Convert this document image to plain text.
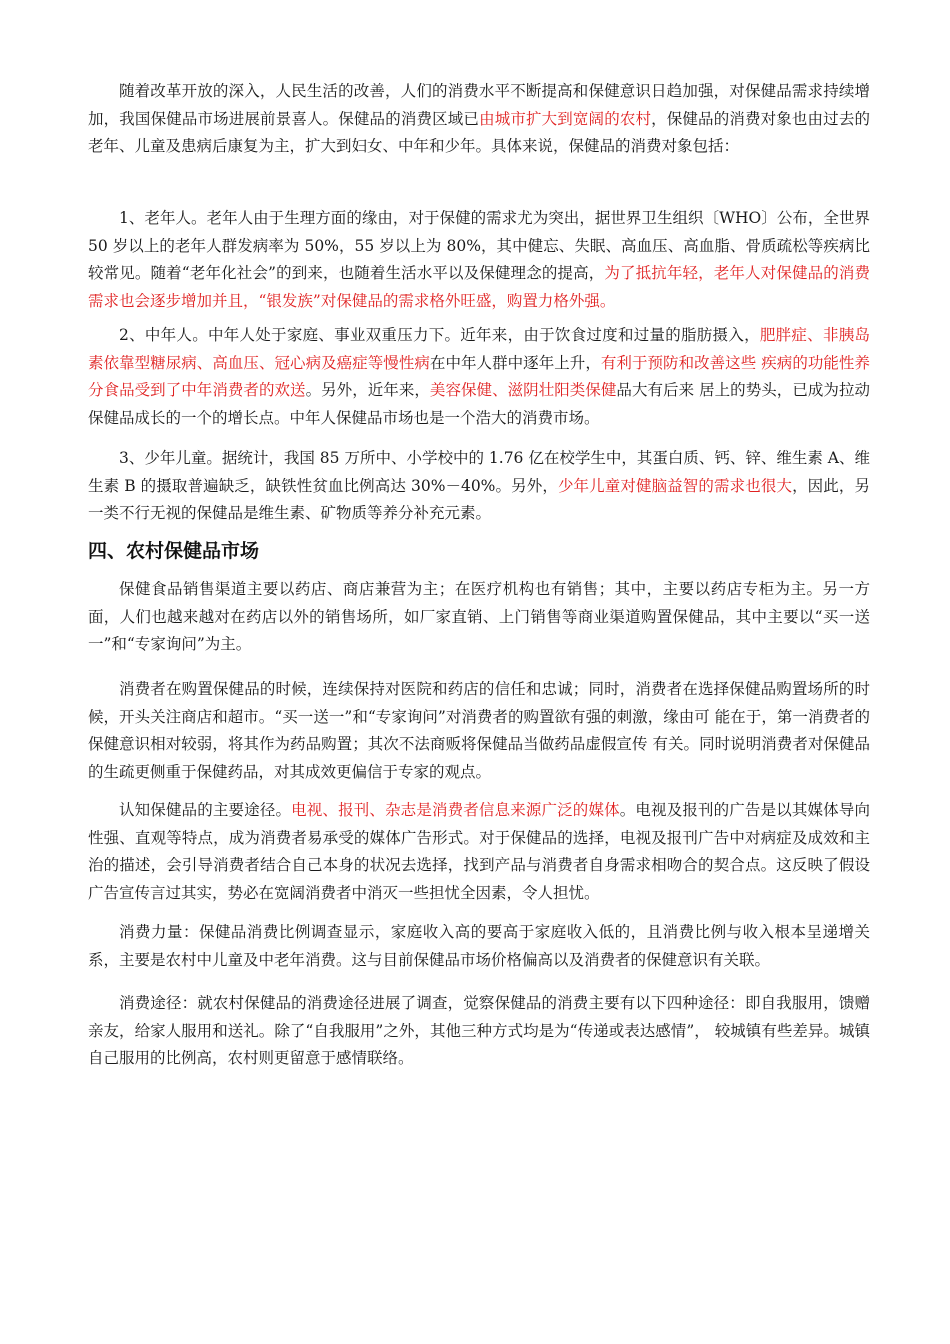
随着改革开放的深入，人民生活的改善，人们的消费水平不断提高和保健意识日趋加强，对保健品需求持续增加，我国保健品市场进展前景喜人。保健品的消费区域已由城市扩大到宽阔的农村，保健品的消费对象也由过去的老年、儿童及患病后康复为主，扩大到妇女、中年和少年。具体来说，保健品的消费对象包括：

1、老年人。老年人由于生理方面的缘由，对于保健的需求尤为突出，据世界卫生组织〔WHO〕公布，全世界 50 岁以上的老年人群发病率为 50%，55 岁以上为 80%，其中健忘、失眠、高血压、高血脂、骨质疏松等疾病比较常见。随着“老年化社会”的到来，也随着生活水平以及保健理念的提高，为了抵抗年轻，老年人对保健品的消费需求也会逐步增加并且，“银发族”对保健品的需求格外旺盛，购置力格外强。

2、中年人。中年人处于家庭、事业双重压力下。近年来，由于饮食过度和过量的脂肪摄入，肥胖症、非胰岛素依靠型糖尿病、高血压、冠心病及癌症等慢性病在中年人群中逐年上升，有利于预防和改善这些 疾病的功能性养分食品受到了中年消费者的欢送。另外，近年来，美容保健、滋阴壮阳类保健品大有后来 居上的势头，已成为拉动保健品成长的一个的增长点。中年人保健品市场也是一个浩大的消费市场。

3、少年儿童。据统计，我国 85 万所中、小学校中的 1.76 亿在校学生中，其蛋白质、钙、锌、维生素 A、维生素 B 的摄取普遍缺乏，缺铁性贫血比例高达 30%－40%。另外，少年儿童对健脑益智的需求也很大，因此，另一类不行无视的保健品是维生素、矿物质等养分补充元素。

四、农村保健品市场

保健食品销售渠道主要以药店、商店兼营为主；在医疗机构也有销售；其中，主要以药店专柜为主。另一方面，人们也越来越对在药店以外的销售场所，如厂家直销、上门销售等商业渠道购置保健品，其中主要以“买一送一”和“专家询问”为主。

消费者在购置保健品的时候，连续保持对医院和药店的信任和忠诚；同时，消费者在选择保健品购置场所的时候，开头关注商店和超市。“买一送一”和“专家询问”对消费者的购置欲有强的刺激，缘由可 能在于，第一消费者的保健意识相对较弱，将其作为药品购置；其次不法商贩将保健品当做药品虚假宣传 有关。同时说明消费者对保健品的生疏更侧重于保健药品，对其成效更偏信于专家的观点。

认知保健品的主要途径。电视、报刊、杂志是消费者信息来源广泛的媒体。电视及报刊的广告是以其媒体导向性强、直观等特点，成为消费者易承受的媒体广告形式。对于保健品的选择，电视及报刊广告中对病症及成效和主治的描述，会引导消费者结合自己本身的状况去选择，找到产品与消费者自身需求相吻合的契合点。这反映了假设广告宣传言过其实，势必在宽阔消费者中消灭一些担忧全因素，令人担忧。

消费力量：保健品消费比例调查显示，家庭收入高的要高于家庭收入低的，且消费比例与收入根本呈递增关系，主要是农村中儿童及中老年消费。这与目前保健品市场价格偏高以及消费者的保健意识有关联。

消费途径：就农村保健品的消费途径进展了调查，觉察保健品的消费主要有以下四种途径：即自我服用，馈赠亲友，给家人服用和送礼。除了“自我服用”之外，其他三种方式均是为“传递或表达感情”， 较城镇有些差异。城镇自己服用的比例高，农村则更留意于感情联络。
